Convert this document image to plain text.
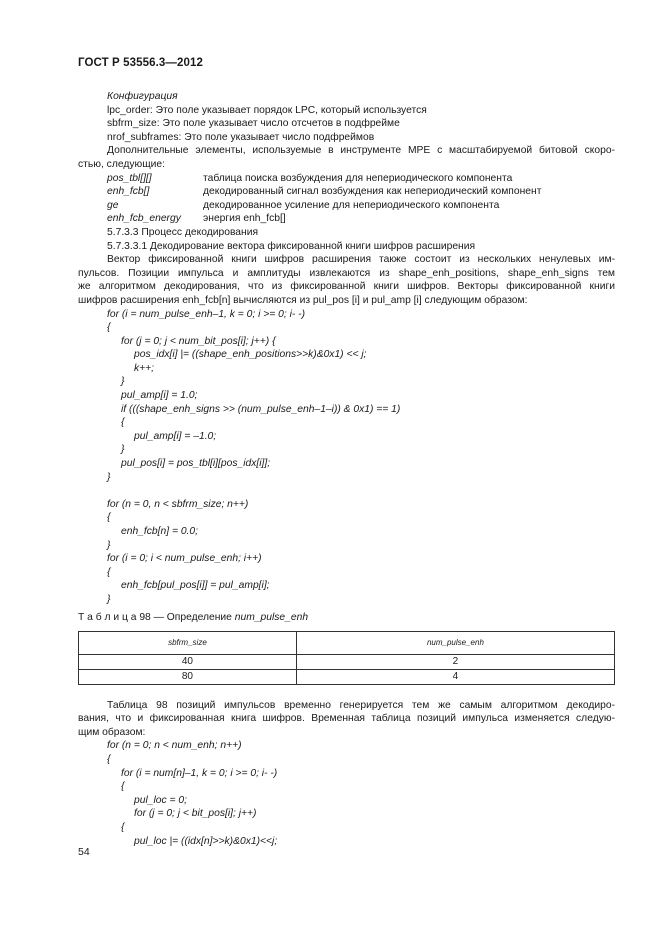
ГОСТ Р 53556.3—2012
Конфигурация
lpc_order: Это поле указывает порядок LPC, который используется
sbfrm_size: Это поле указывает число отсчетов в подфрейме
nrof_subframes: Это поле указывает число подфреймов
Дополнительные элементы, используемые в инструменте MPE с масштабируемой битовой скоро-
стью, следующие:
pos_tbl[][]	таблица поиска возбуждения для непериодического компонента
enh_fcb[]	декодированный сигнал возбуждения как непериодический компонент
ge	декодированное усиление для непериодического компонента
enh_fcb_energy	энергия enh_fcb[]
5.7.3.3 Процесс декодирования
5.7.3.3.1 Декодирование вектора фиксированной книги шифров расширения
Вектор фиксированной книги шифров расширения также состоит из нескольких ненулевых им-
пульсов. Позиции импульса и амплитуды извлекаются из shape_enh_positions, shape_enh_signs тем
же алгоритмом декодирования, что из фиксированной книги шифров. Векторы фиксированной книги
шифров расширения enh_fcb[n] вычисляются из pul_pos [i] и pul_amp [i] следующим образом:
for (i = num_pulse_enh–1, k = 0; i >= 0; i- -)
{
for (j = 0; j < num_bit_pos[i]; j++) {
pos_idx[i] |= ((shape_enh_positions>>k)&0x1) << j;
k++;
}
pul_amp[i] = 1.0;
if (((shape_enh_signs >> (num_pulse_enh–1–i)) & 0x1) == 1)
{
pul_amp[i] = –1.0;
}
pul_pos[i] = pos_tbl[i][pos_idx[i]];
}
for (n = 0, n < sbfrm_size; n++)
{
enh_fcb[n] = 0.0;
}
for (i = 0; i < num_pulse_enh; i++)
{
enh_fcb[pul_pos[i]] = pul_amp[i];
}
Т а б л и ц а 98 — Определение num_pulse_enh
sbfrm_size	num_pulse_enh
40	2
80	4
Таблица 98 позиций импульсов временно генерируется тем же самым алгоритмом декодиро-
вания, что и фиксированная книга шифров. Временная таблица позиций импульса изменяется следую-
щим образом:
for (n = 0; n < num_enh; n++)
{
for (i = num[n]–1, k = 0; i >= 0; i- -)
{
pul_loc = 0;
for (j = 0; j < bit_pos[i]; j++)
{
pul_loc |= ((idx[n]>>k)&0x1)<<j;
54
